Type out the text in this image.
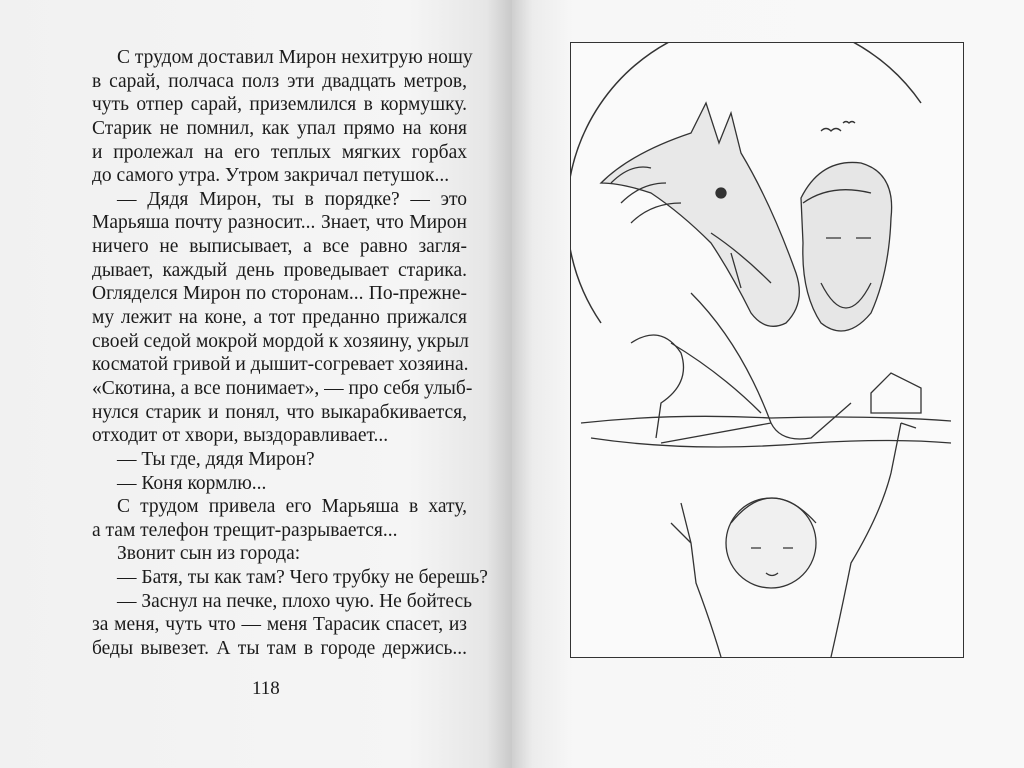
С трудом доставил Мирон нехитрую ношу
в сарай, полчаса полз эти двадцать метров,
чуть отпер сарай, приземлился в кормушку.
Старик не помнил, как упал прямо на коня
и пролежал на его теплых мягких горбах
до самого утра. Утром закричал петушок...
— Дядя Мирон, ты в порядке? — это
Марьяша почту разносит... Знает, что Мирон
ничего не выписывает, а все равно загля-
дывает, каждый день проведывает старика.
Огляделся Мирон по сторонам... По-прежне-
му лежит на коне, а тот преданно прижался
своей седой мокрой мордой к хозяину, укрыл
косматой гривой и дышит-согревает хозяина.
«Скотина, а все понимает», — про себя улыб-
нулся старик и понял, что выкарабкивается,
отходит от хвори, выздоравливает...
— Ты где, дядя Мирон?
— Коня кормлю...
С трудом привела его Марьяша в хату,
а там телефон трещит-разрывается...
Звонит сын из города:
— Батя, ты как там? Чего трубку не берешь?
— Заснул на печке, плохо чую. Не бойтесь
за меня, чуть что — меня Тарасик спасет, из
беды вывезет. А ты там в городе держись...
118
